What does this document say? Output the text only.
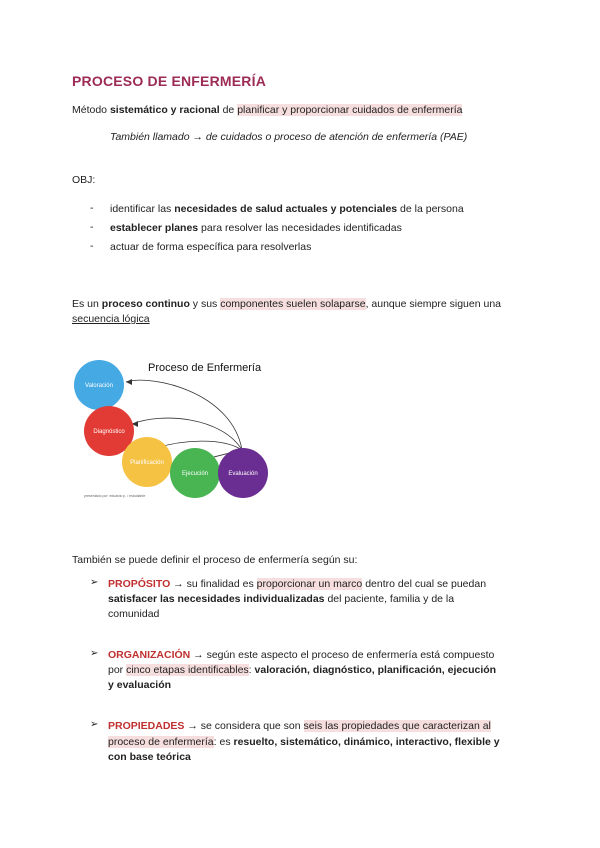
PROCESO DE ENFERMERÍA
Método sistemático y racional de planificar y proporcionar cuidados de enfermería
También llamado → de cuidados o proceso de atención de enfermería (PAE)
OBJ:
- identificar las necesidades de salud actuales y potenciales de la persona
- establecer planes para resolver las necesidades identificadas
- actuar de forma específica para resolverlas
Es un proceso continuo y sus componentes suelen solaparse, aunque siempre siguen una
secuencia lógica
Proceso de Enfermería
Valoración
Diagnóstico
Planificación
Ejecución	Evaluación
presentado por: eduardo p. / estudiante
También se puede definir el proceso de enfermería según su:
➢ PROPÓSITO → su finalidad es proporcionar un marco dentro del cual se puedan
satisfacer las necesidades individualizadas del paciente, familia y de la
comunidad
➢ ORGANIZACIÓN → según este aspecto el proceso de enfermería está compuesto
por cinco etapas identificables: valoración, diagnóstico, planificación, ejecución
y evaluación
➢ PROPIEDADES → se considera que son seis las propiedades que caracterizan al
proceso de enfermería: es resuelto, sistemático, dinámico, interactivo, flexible y
con base teórica
